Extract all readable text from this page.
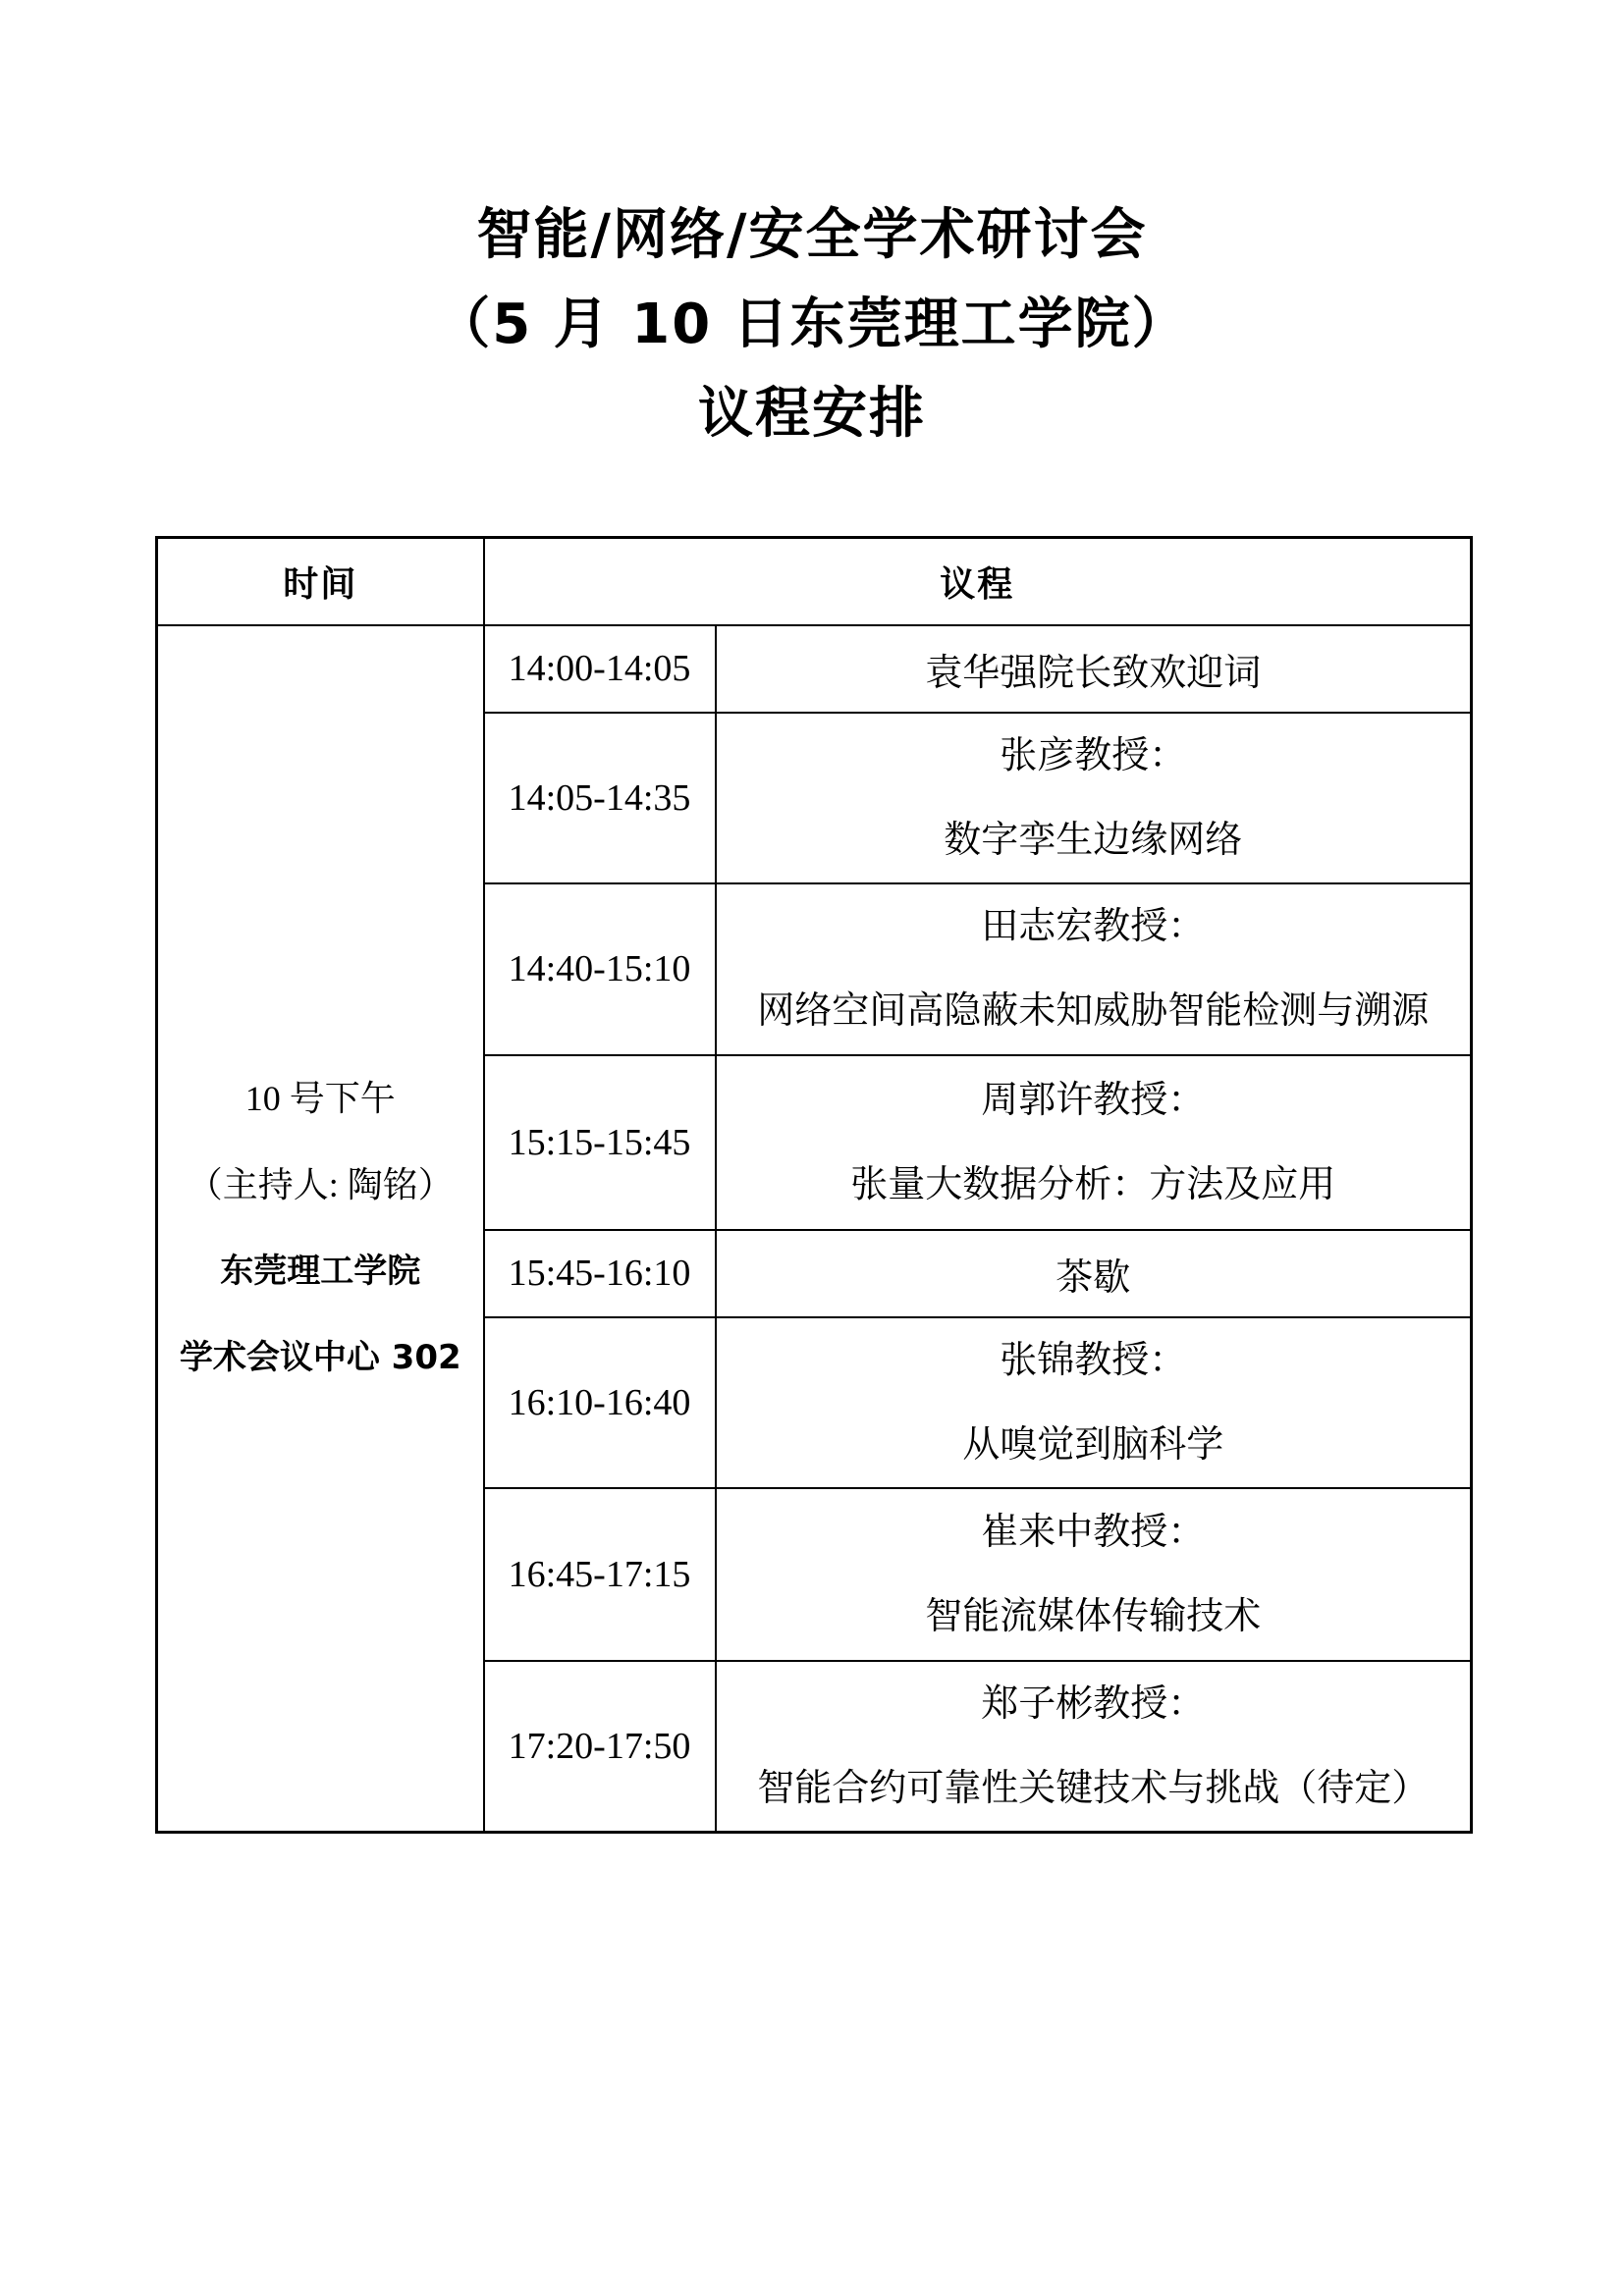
智能/网络/安全学术研讨会
（5 月 10 日东莞理工学院）
议程安排
时间	议程	

10 号下午
（主持人: 陶铭）
东莞理工学院
学术会议中心 302	14:00-14:05	袁华强院长致欢迎词

	14:05-14:35	张彦教授：
数字孪生边缘网络

	14:40-15:10	田志宏教授：
网络空间高隐蔽未知威胁智能检测与溯源

	15:15-15:45	周郭许教授：
张量大数据分析：方法及应用

	15:45-16:10	茶歇

	16:10-16:40	张锦教授：
从嗅觉到脑科学

	16:45-17:15	崔来中教授：
智能流媒体传输技术

	17:20-17:50	郑子彬教授：
智能合约可靠性关键技术与挑战（待定）
